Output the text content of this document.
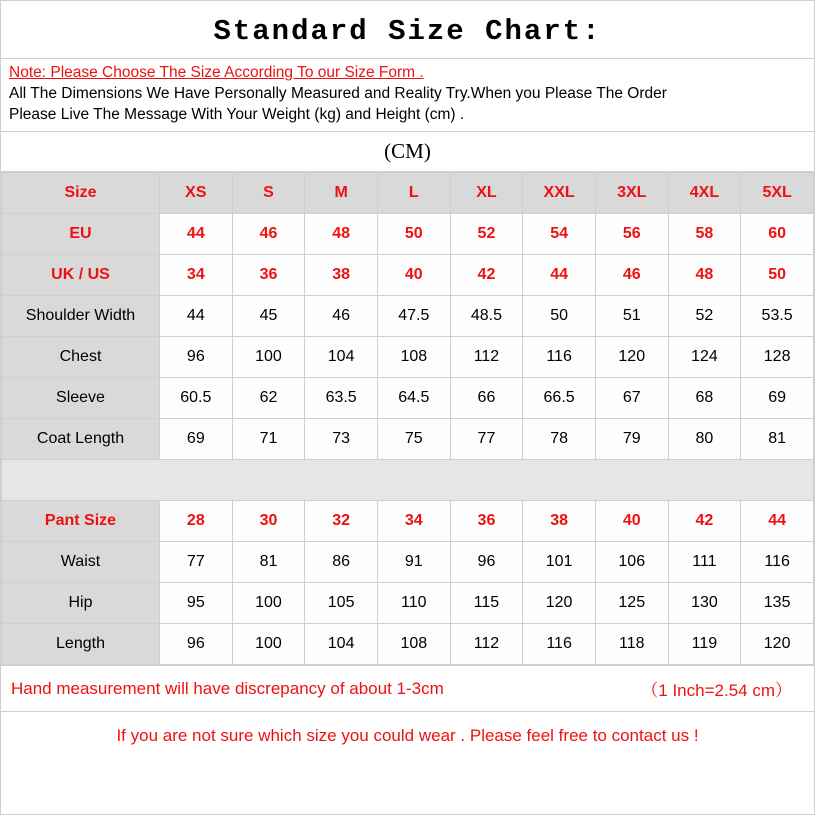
Standard Size Chart:
Note: Please Choose The Size According To our Size Form .
All The Dimensions We Have Personally Measured and Reality Try.When you Please The Order
Please Live The Message With Your Weight (kg) and Height (cm) .
(CM)
Size	XS	S	M	L	XL	XXL	3XL	4XL	5XL
EU	44	46	48	50	52	54	56	58	60
UK / US	34	36	38	40	42	44	46	48	50
Shoulder Width	44	45	46	47.5	48.5	50	51	52	53.5
Chest	96	100	104	108	112	116	120	124	128
Sleeve	60.5	62	63.5	64.5	66	66.5	67	68	69
Coat Length	69	71	73	75	77	78	79	80	81

Pant Size	28	30	32	34	36	38	40	42	44
Waist	77	81	86	91	96	101	106	111	116
Hip	95	100	105	110	115	120	125	130	135
Length	96	100	104	108	112	116	118	119	120
Hand measurement will have discrepancy of about 1-3cm	（1 Inch=2.54 cm）
If you are not sure which size you could wear . Please feel free to contact us !
